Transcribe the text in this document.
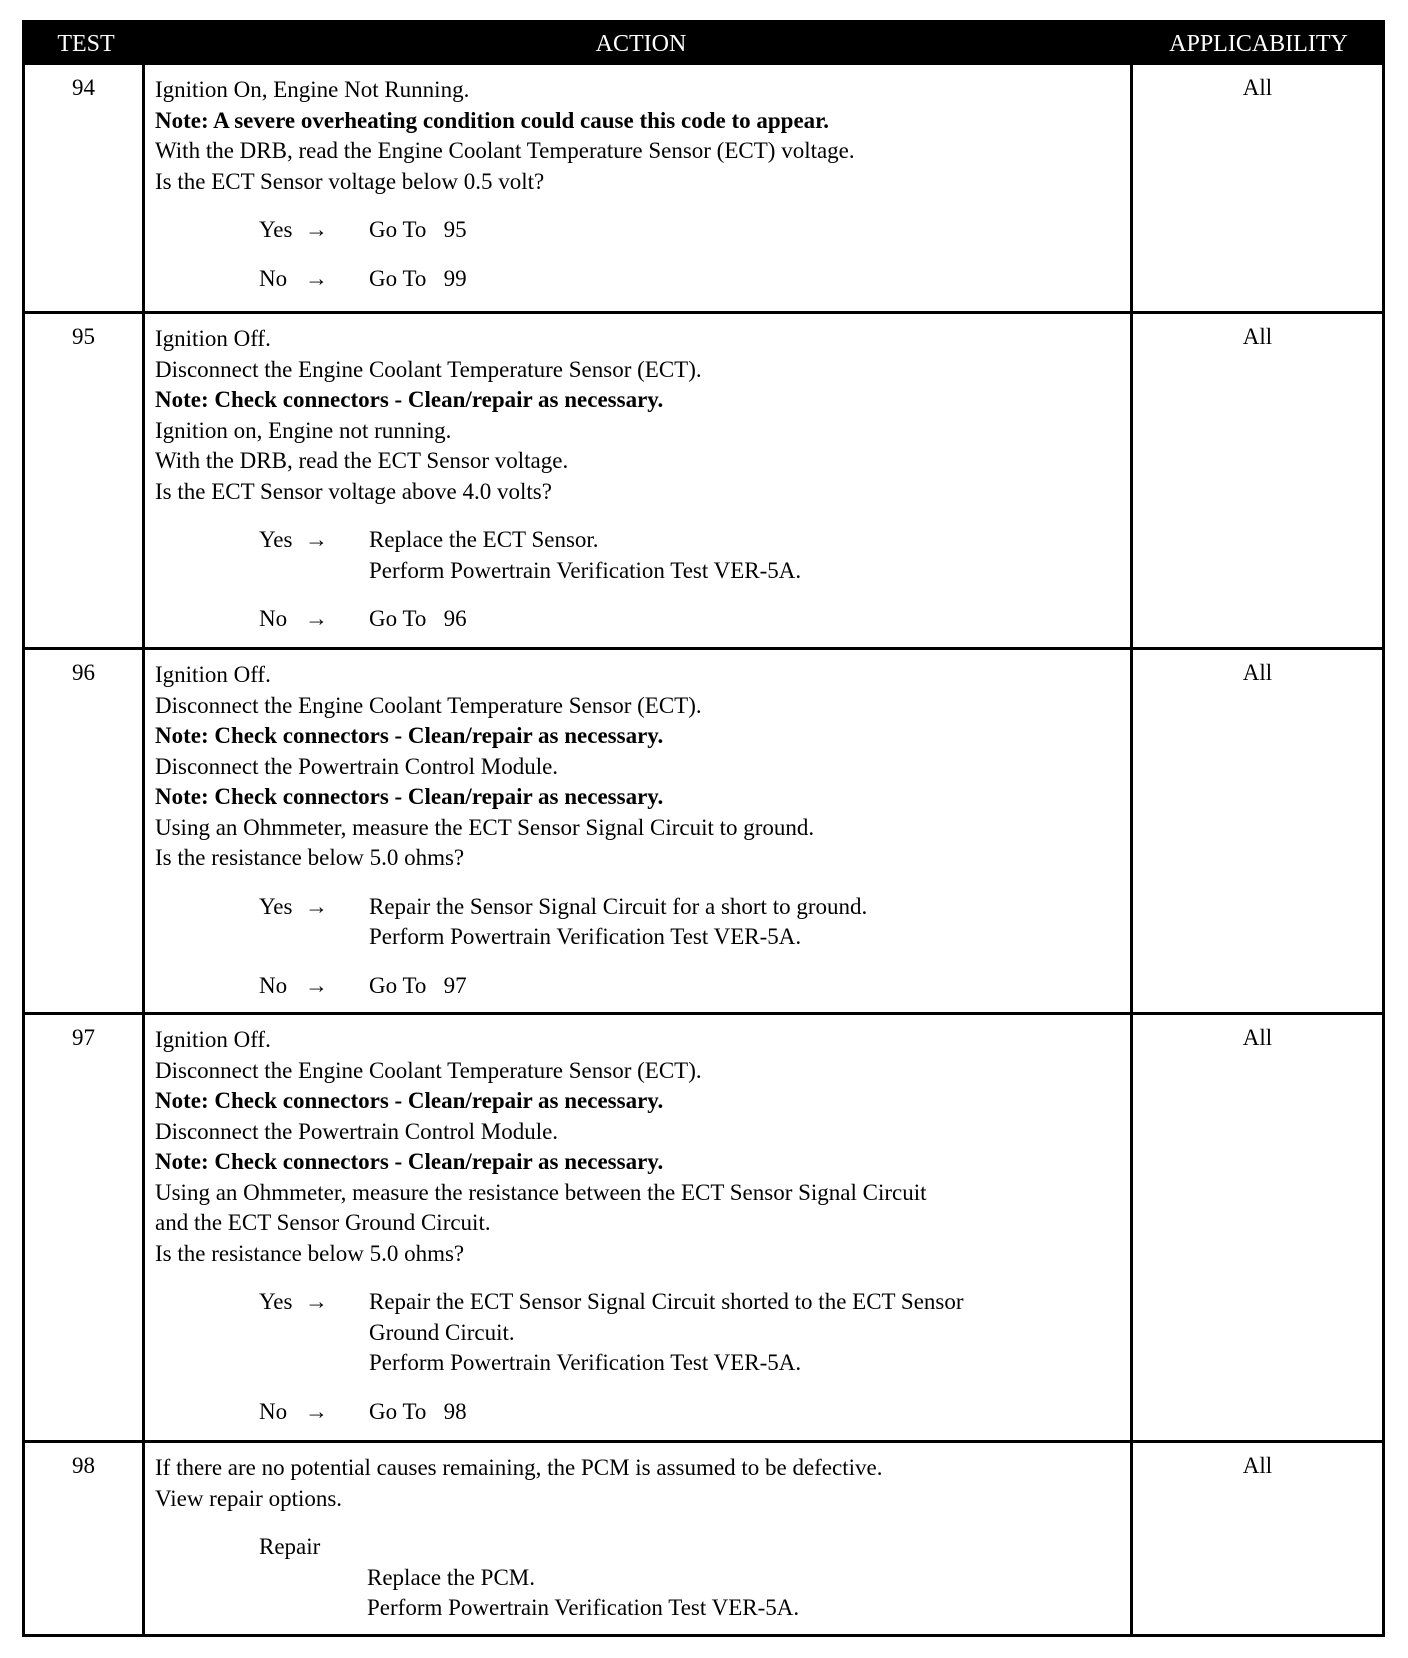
TEST	ACTION	APPLICABILITY
94	Ignition On, Engine Not Running.
Note: A severe overheating condition could cause this code to appear.
With the DRB, read the Engine Coolant Temperature Sensor (ECT) voltage.
Is the ECT Sensor voltage below 0.5 volt?
Yes →	Go To   95
No →	Go To   99
All
95	Ignition Off.
Disconnect the Engine Coolant Temperature Sensor (ECT).
Note: Check connectors - Clean/repair as necessary.
Ignition on, Engine not running.
With the DRB, read the ECT Sensor voltage.
Is the ECT Sensor voltage above 4.0 volts?
Yes →	Replace the ECT Sensor.
Perform Powertrain Verification Test VER-5A.
No →	Go To   96
All
96	Ignition Off.
Disconnect the Engine Coolant Temperature Sensor (ECT).
Note: Check connectors - Clean/repair as necessary.
Disconnect the Powertrain Control Module.
Note: Check connectors - Clean/repair as necessary.
Using an Ohmmeter, measure the ECT Sensor Signal Circuit to ground.
Is the resistance below 5.0 ohms?
Yes →	Repair the Sensor Signal Circuit for a short to ground.
Perform Powertrain Verification Test VER-5A.
No →	Go To   97
All
97	Ignition Off.
Disconnect the Engine Coolant Temperature Sensor (ECT).
Note: Check connectors - Clean/repair as necessary.
Disconnect the Powertrain Control Module.
Note: Check connectors - Clean/repair as necessary.
Using an Ohmmeter, measure the resistance between the ECT Sensor Signal Circuit
and the ECT Sensor Ground Circuit.
Is the resistance below 5.0 ohms?
Yes →	Repair the ECT Sensor Signal Circuit shorted to the ECT Sensor
Ground Circuit.
Perform Powertrain Verification Test VER-5A.
No →	Go To   98
All
98	If there are no potential causes remaining, the PCM is assumed to be defective.
View repair options.
Repair
Replace the PCM.
Perform Powertrain Verification Test VER-5A.
All
